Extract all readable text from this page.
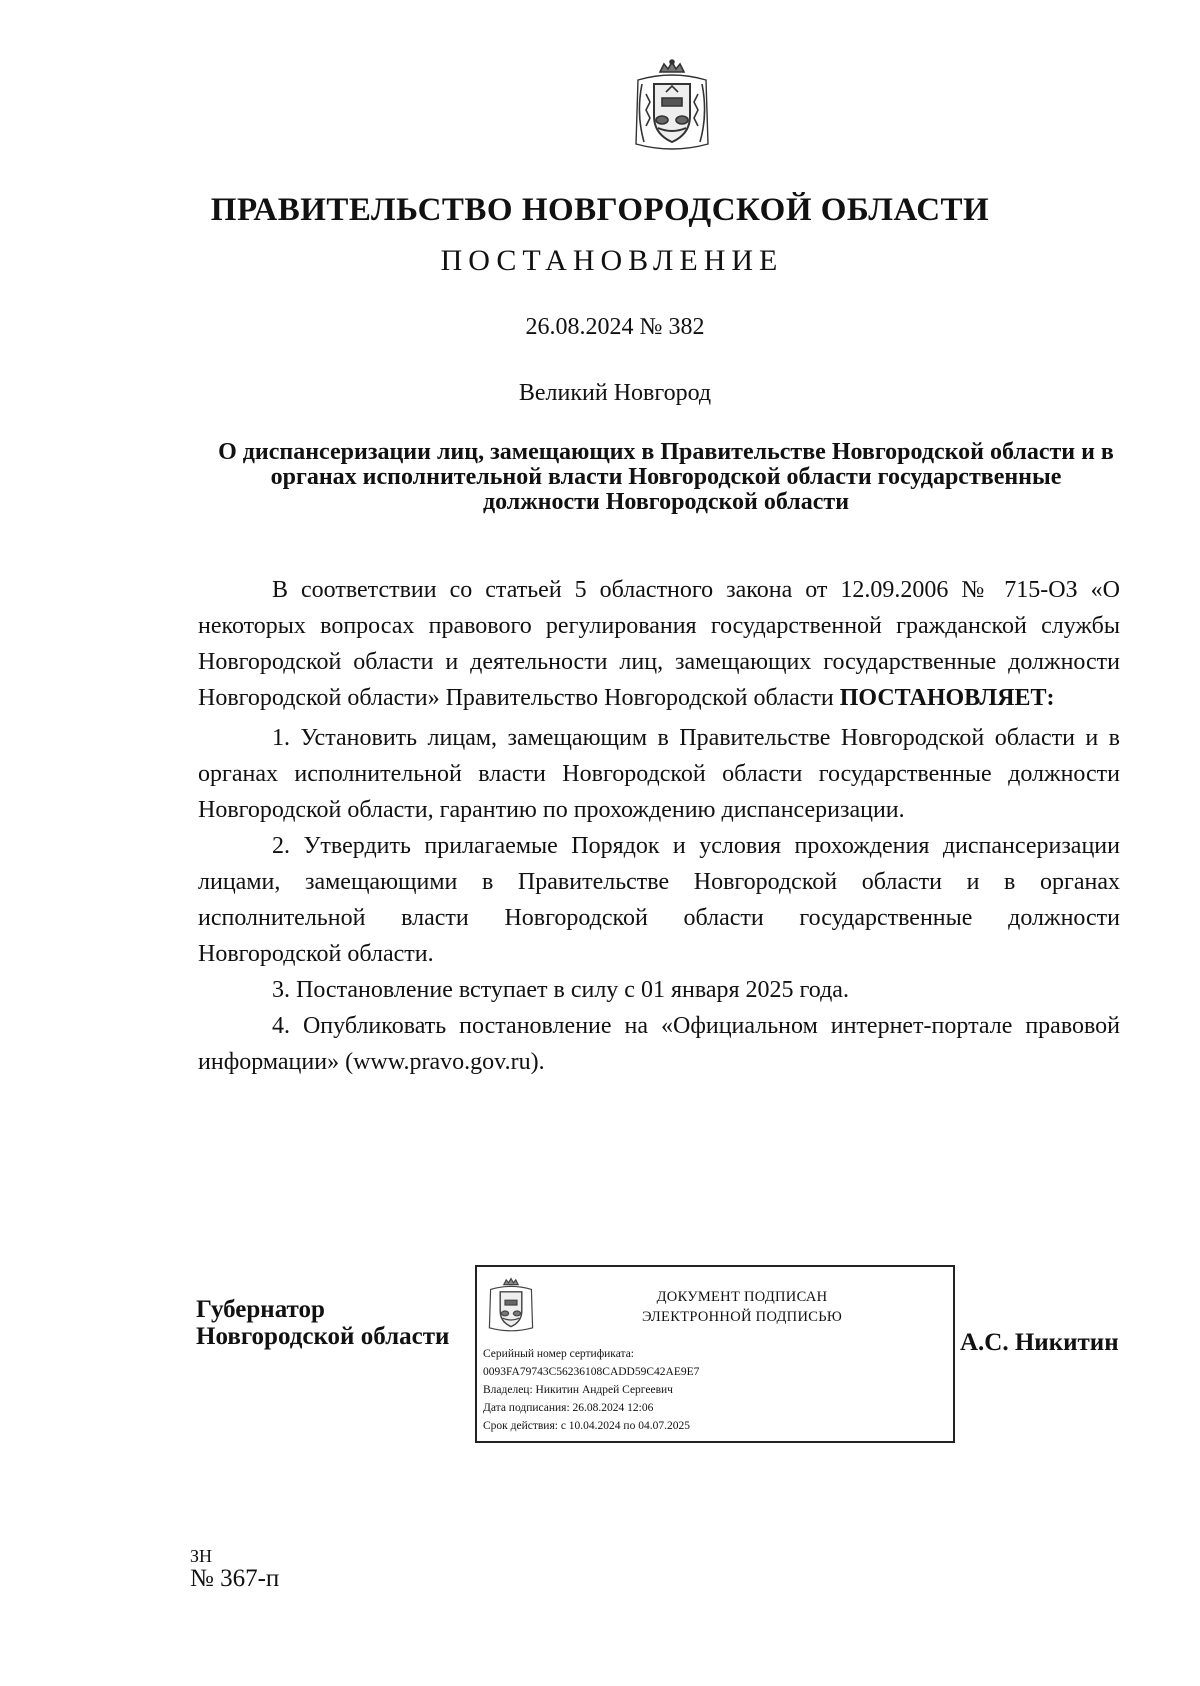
ПРАВИТЕЛЬСТВО НОВГОРОДСКОЙ ОБЛАСТИ
ПОСТАНОВЛЕНИЕ
26.08.2024 № 382
Великий Новгород
О диспансеризации лиц, замещающих в Правительстве Новгородской области и в органах исполнительной власти Новгородской области государственные должности Новгородской области

В соответствии со статьей 5 областного закона от 12.09.2006 № 715-ОЗ «О некоторых вопросах правового регулирования государственной гражданской службы Новгородской области и деятельности лиц, замещающих государственные должности Новгородской области» Правительство Новгородской области ПОСТАНОВЛЯЕТ:

1. Установить лицам, замещающим в Правительстве Новгородской области и в органах исполнительной власти Новгородской области государственные должности Новгородской области, гарантию по прохождению диспансеризации.

2. Утвердить прилагаемые Порядок и условия прохождения диспансеризации лицами, замещающими в Правительстве Новгородской области и в органах исполнительной власти Новгородской области государственные должности Новгородской области.

3. Постановление вступает в силу с 01 января 2025 года.

4. Опубликовать постановление на «Официальном интернет-портале правовой информации» (www.pravo.gov.ru).

Губернатор
Новгородской области
ДОКУМЕНТ ПОДПИСАН
ЭЛЕКТРОННОЙ ПОДПИСЬЮ
Серийный номер сертификата:
0093FA79743C56236108CADD59C42AE9E7
Владелец: Никитин Андрей Сергеевич
Дата подписания: 26.08.2024 12:06
Срок действия: с 10.04.2024 по 04.07.2025
А.С. Никитин
ЗН
№ 367-п
